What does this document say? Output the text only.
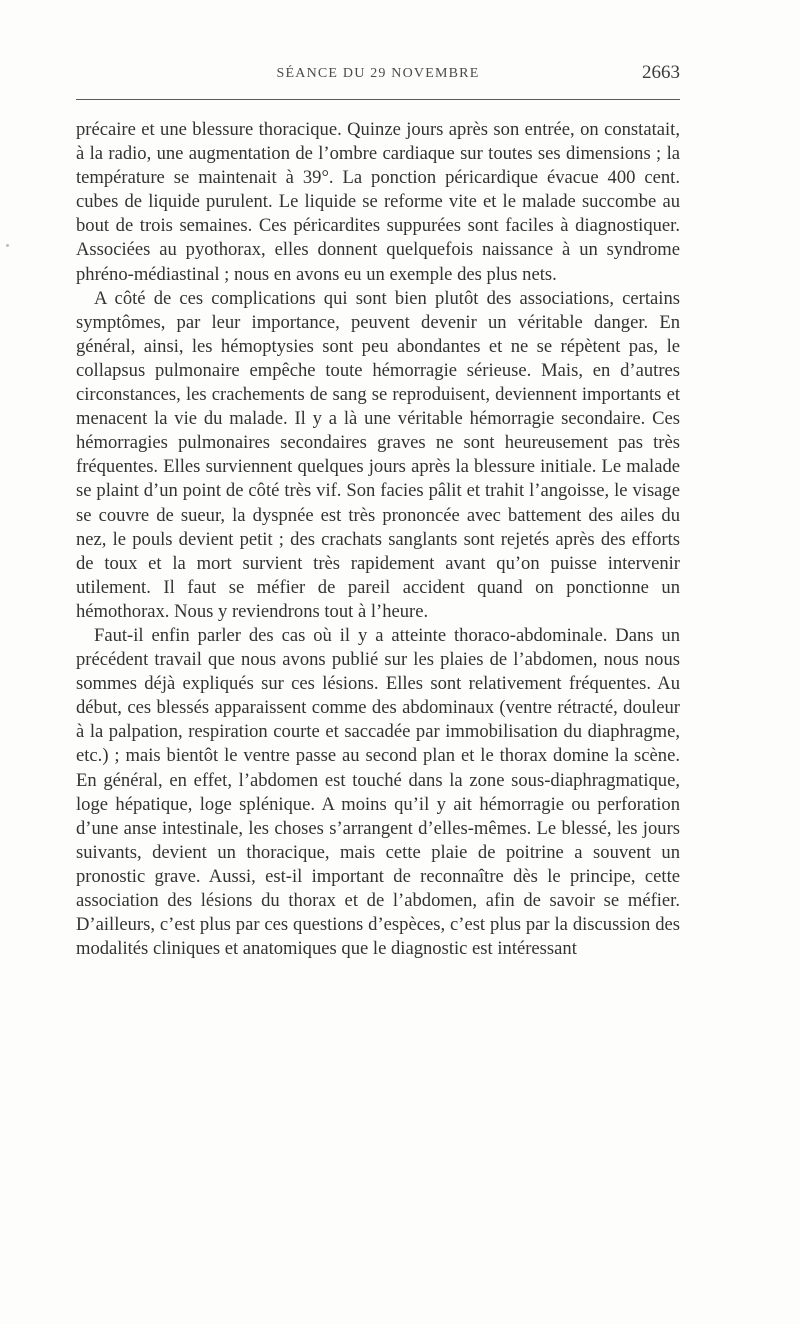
SÉANCE DU 29 NOVEMBRE	2663

précaire et une blessure thoracique. Quinze jours après son entrée, on constatait, à la radio, une augmentation de l’ombre cardiaque sur toutes ses dimensions ; la température se maintenait à 39°. La ponction péricardique évacue 400 cent. cubes de liquide purulent. Le liquide se reforme vite et le malade succombe au bout de trois semaines. Ces péricardites suppurées sont faciles à diagnostiquer. Associées au pyothorax, elles donnent quelquefois naissance à un syndrome phréno-médiastinal ; nous en avons eu un exemple des plus nets.

A côté de ces complications qui sont bien plutôt des associations, certains symptômes, par leur importance, peuvent devenir un véritable danger. En général, ainsi, les hémoptysies sont peu abondantes et ne se répètent pas, le collapsus pulmonaire empêche toute hémorragie sérieuse. Mais, en d’autres circonstances, les crachements de sang se reproduisent, deviennent importants et menacent la vie du malade. Il y a là une véritable hémorragie secondaire. Ces hémorragies pulmonaires secondaires graves ne sont heureusement pas très fréquentes. Elles surviennent quelques jours après la blessure initiale. Le malade se plaint d’un point de côté très vif. Son facies pâlit et trahit l’angoisse, le visage se couvre de sueur, la dyspnée est très prononcée avec battement des ailes du nez, le pouls devient petit ; des crachats sanglants sont rejetés après des efforts de toux et la mort survient très rapidement avant qu’on puisse intervenir utilement. Il faut se méfier de pareil accident quand on ponctionne un hémothorax. Nous y reviendrons tout à l’heure.

Faut-il enfin parler des cas où il y a atteinte thoraco-abdominale. Dans un précédent travail que nous avons publié sur les plaies de l’abdomen, nous nous sommes déjà expliqués sur ces lésions. Elles sont relativement fréquentes. Au début, ces blessés apparaissent comme des abdominaux (ventre rétracté, douleur à la palpation, respiration courte et saccadée par immobilisation du diaphragme, etc.) ; mais bientôt le ventre passe au second plan et le thorax domine la scène. En général, en effet, l’abdomen est touché dans la zone sous-diaphragmatique, loge hépatique, loge splénique. A moins qu’il y ait hémorragie ou perforation d’une anse intestinale, les choses s’arrangent d’elles-mêmes. Le blessé, les jours suivants, devient un thoracique, mais cette plaie de poitrine a souvent un pronostic grave. Aussi, est-il important de reconnaître dès le principe, cette association des lésions du thorax et de l’abdomen, afin de savoir se méfier. D’ailleurs, c’est plus par ces questions d’espèces, c’est plus par la discussion des modalités cliniques et anatomiques que le diagnostic est intéressant
